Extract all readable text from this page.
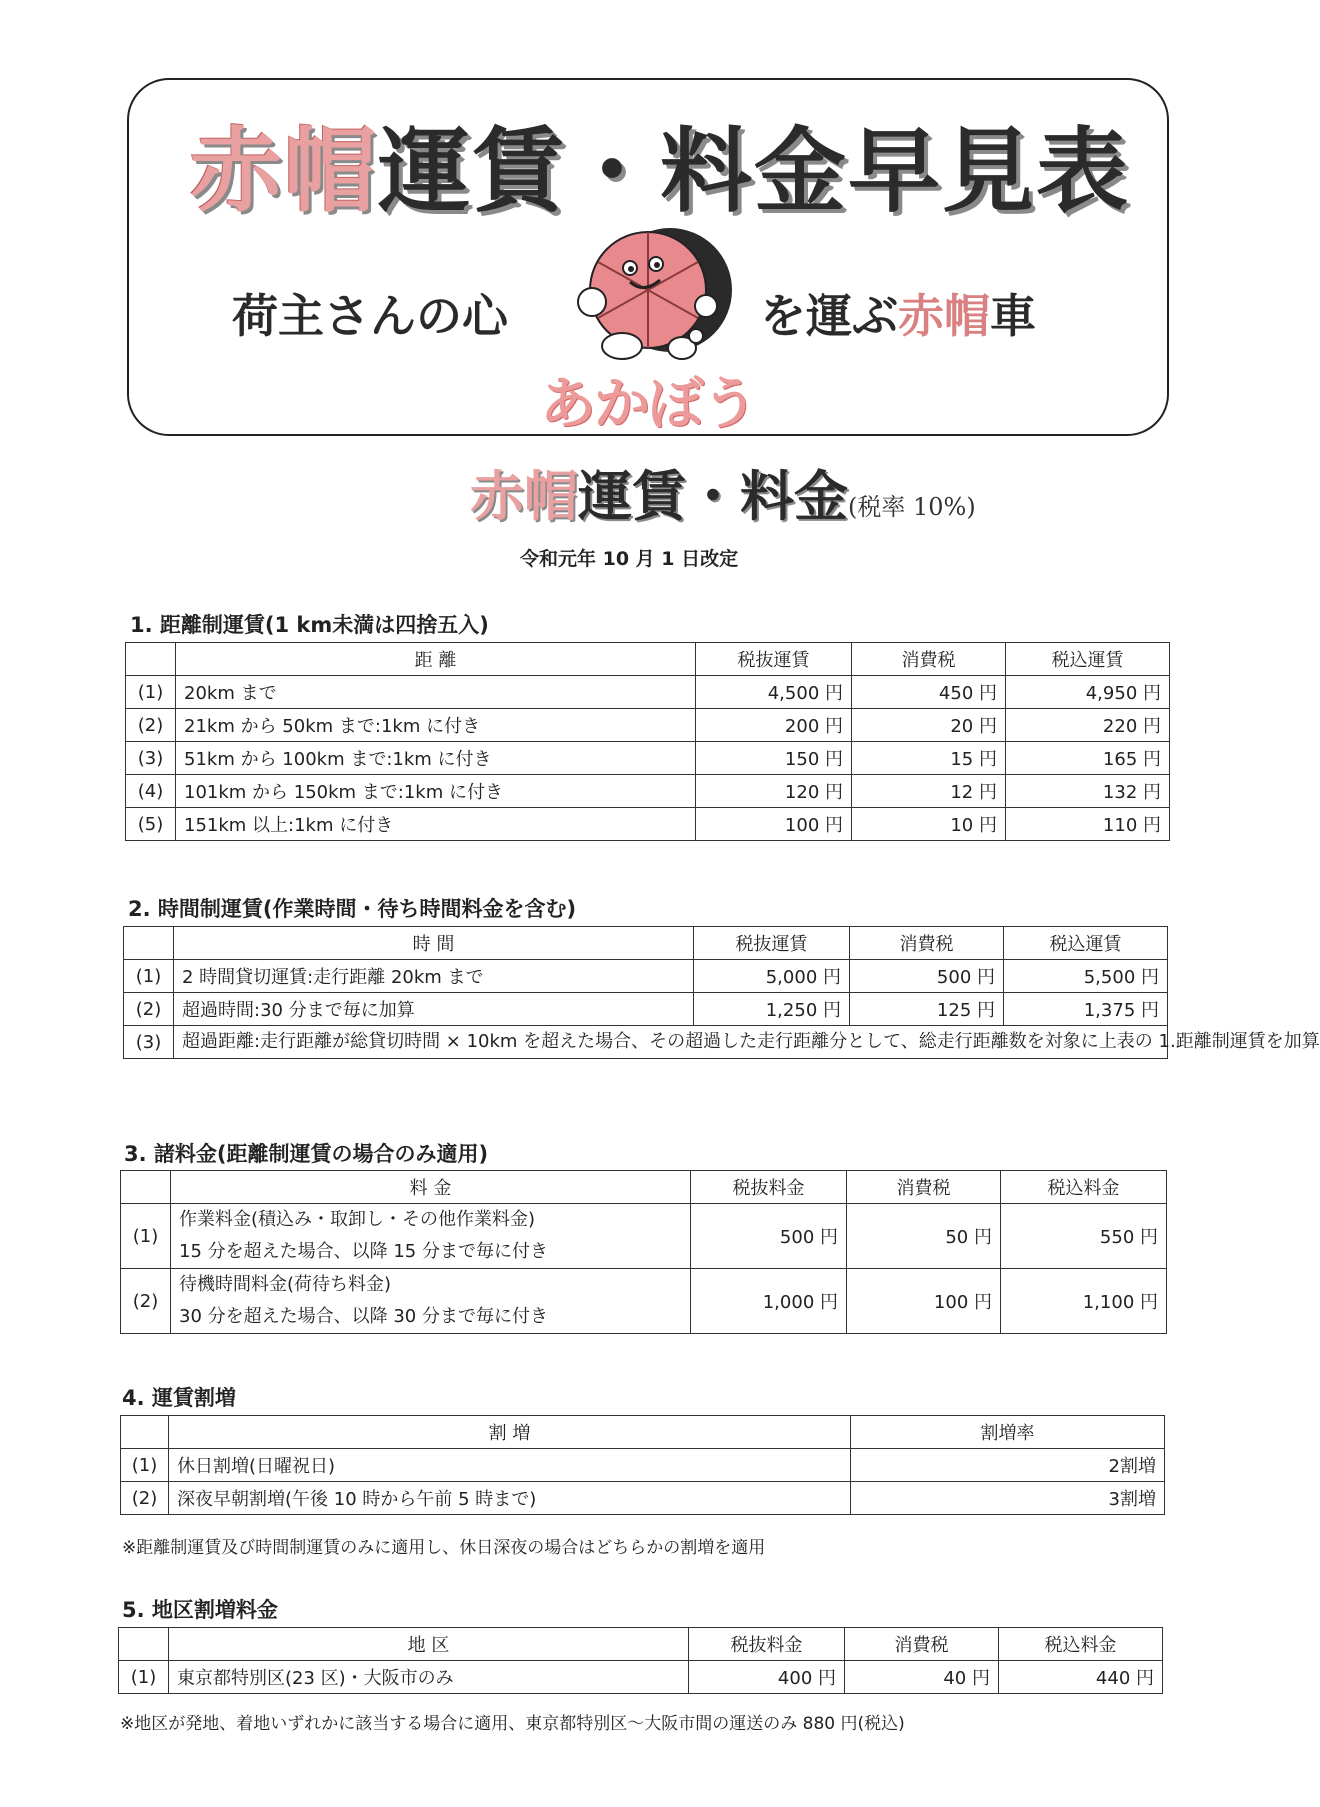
赤帽運賃・料金早見表
荷主さんの心	を運ぶ赤帽車
あかぼう
赤帽運賃・料金(税率 10%)
令和元年 10 月 1 日改定
1. 距離制運賃(1 km未満は四捨五入)
	距 離	税抜運賃	消費税	税込運賃
(1)	20km まで	4,500 円	450 円	4,950 円
(2)	21km から 50km まで:1km に付き	200 円	20 円	220 円
(3)	51km から 100km まで:1km に付き	150 円	15 円	165 円
(4)	101km から 150km まで:1km に付き	120 円	12 円	132 円
(5)	151km 以上:1km に付き	100 円	10 円	110 円
2. 時間制運賃(作業時間・待ち時間料金を含む)
	時 間	税抜運賃	消費税	税込運賃
(1)	2 時間貸切運賃:走行距離 20km まで	5,000 円	500 円	5,500 円
(2)	超過時間:30 分まで毎に加算	1,250 円	125 円	1,375 円
(3)	超過距離:走行距離が総貸切時間 × 10km を超えた場合、その超過した走行距離分として、総走行距離数を対象に上表の 1.距離制運賃を加算			
3. 諸料金(距離制運賃の場合のみ適用)
	料 金	税抜料金	消費税	税込料金
(1)	作業料金(積込み・取卸し・その他作業料金)
15 分を超えた場合、以降 15 分まで毎に付き	500 円	50 円	550 円
(2)	待機時間料金(荷待ち料金)
30 分を超えた場合、以降 30 分まで毎に付き	1,000 円	100 円	1,100 円
4. 運賃割増
	割 増	割増率
(1)	休日割増(日曜祝日)	2割増
(2)	深夜早朝割増(午後 10 時から午前 5 時まで)	3割増
※距離制運賃及び時間制運賃のみに適用し、休日深夜の場合はどちらかの割増を適用
5. 地区割増料金
	地 区	税抜料金	消費税	税込料金
(1)	東京都特別区(23 区)・大阪市のみ	400 円	40 円	440 円
※地区が発地、着地いずれかに該当する場合に適用、東京都特別区～大阪市間の運送のみ 880 円(税込)
